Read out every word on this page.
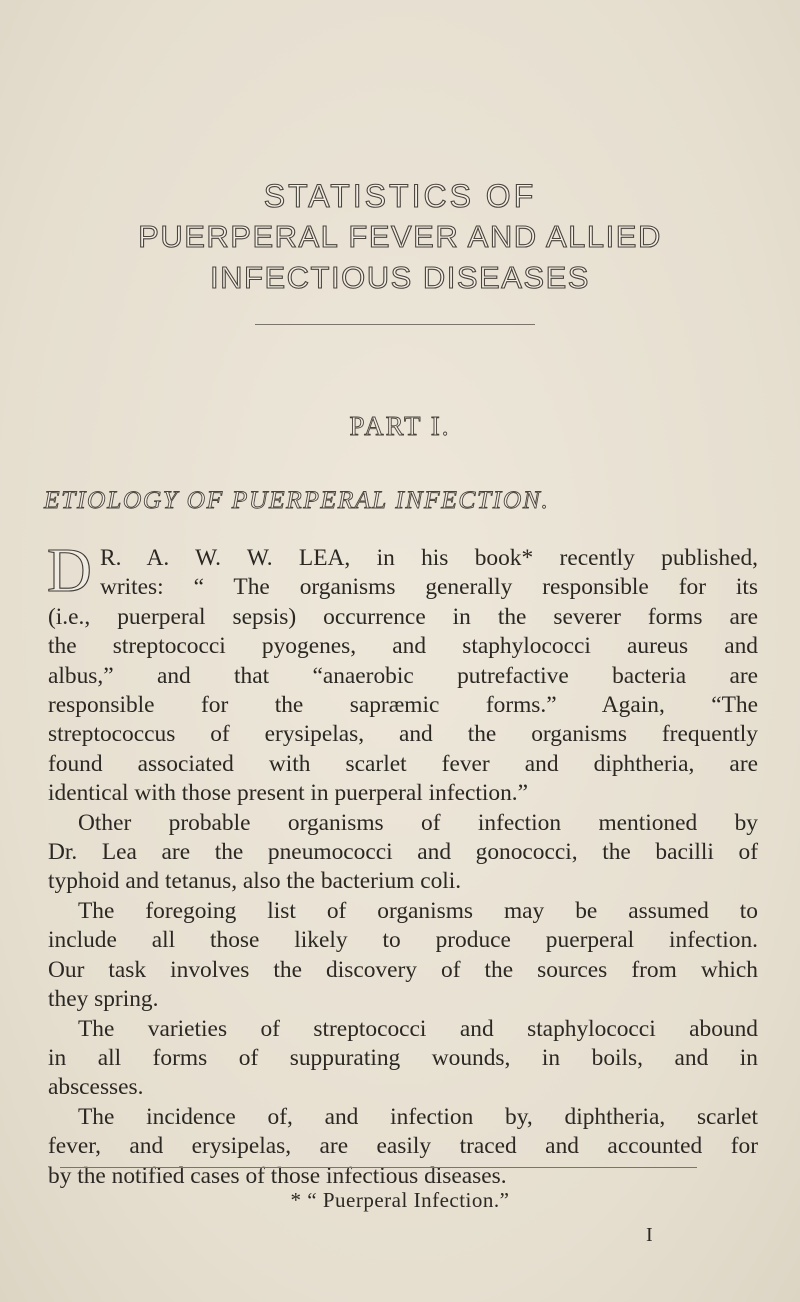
STATISTICS OF
PUERPERAL FEVER AND ALLIED
INFECTIOUS DISEASES
PART I.
ETIOLOGY OF PUERPERAL INFECTION.
D R. A. W. W. LEA, in his book* recently published,
writes: “ The organisms generally responsible for its
(i.e., puerperal sepsis) occurrence in the severer forms are
the streptococci pyogenes, and staphylococci aureus and
albus,” and that “anaerobic putrefactive bacteria are
responsible for the sapræmic forms.” Again, “The
streptococcus of erysipelas, and the organisms frequently
found associated with scarlet fever and diphtheria, are
identical with those present in puerperal infection.”
Other probable organisms of infection mentioned by
Dr. Lea are the pneumococci and gonococci, the bacilli of
typhoid and tetanus, also the bacterium coli.
The foregoing list of organisms may be assumed to
include all those likely to produce puerperal infection.
Our task involves the discovery of the sources from which
they spring.
The varieties of streptococci and staphylococci abound
in all forms of suppurating wounds, in boils, and in
abscesses.
The incidence of, and infection by, diphtheria, scarlet
fever, and erysipelas, are easily traced and accounted for
by the notified cases of those infectious diseases.
* “ Puerperal Infection.”
I
